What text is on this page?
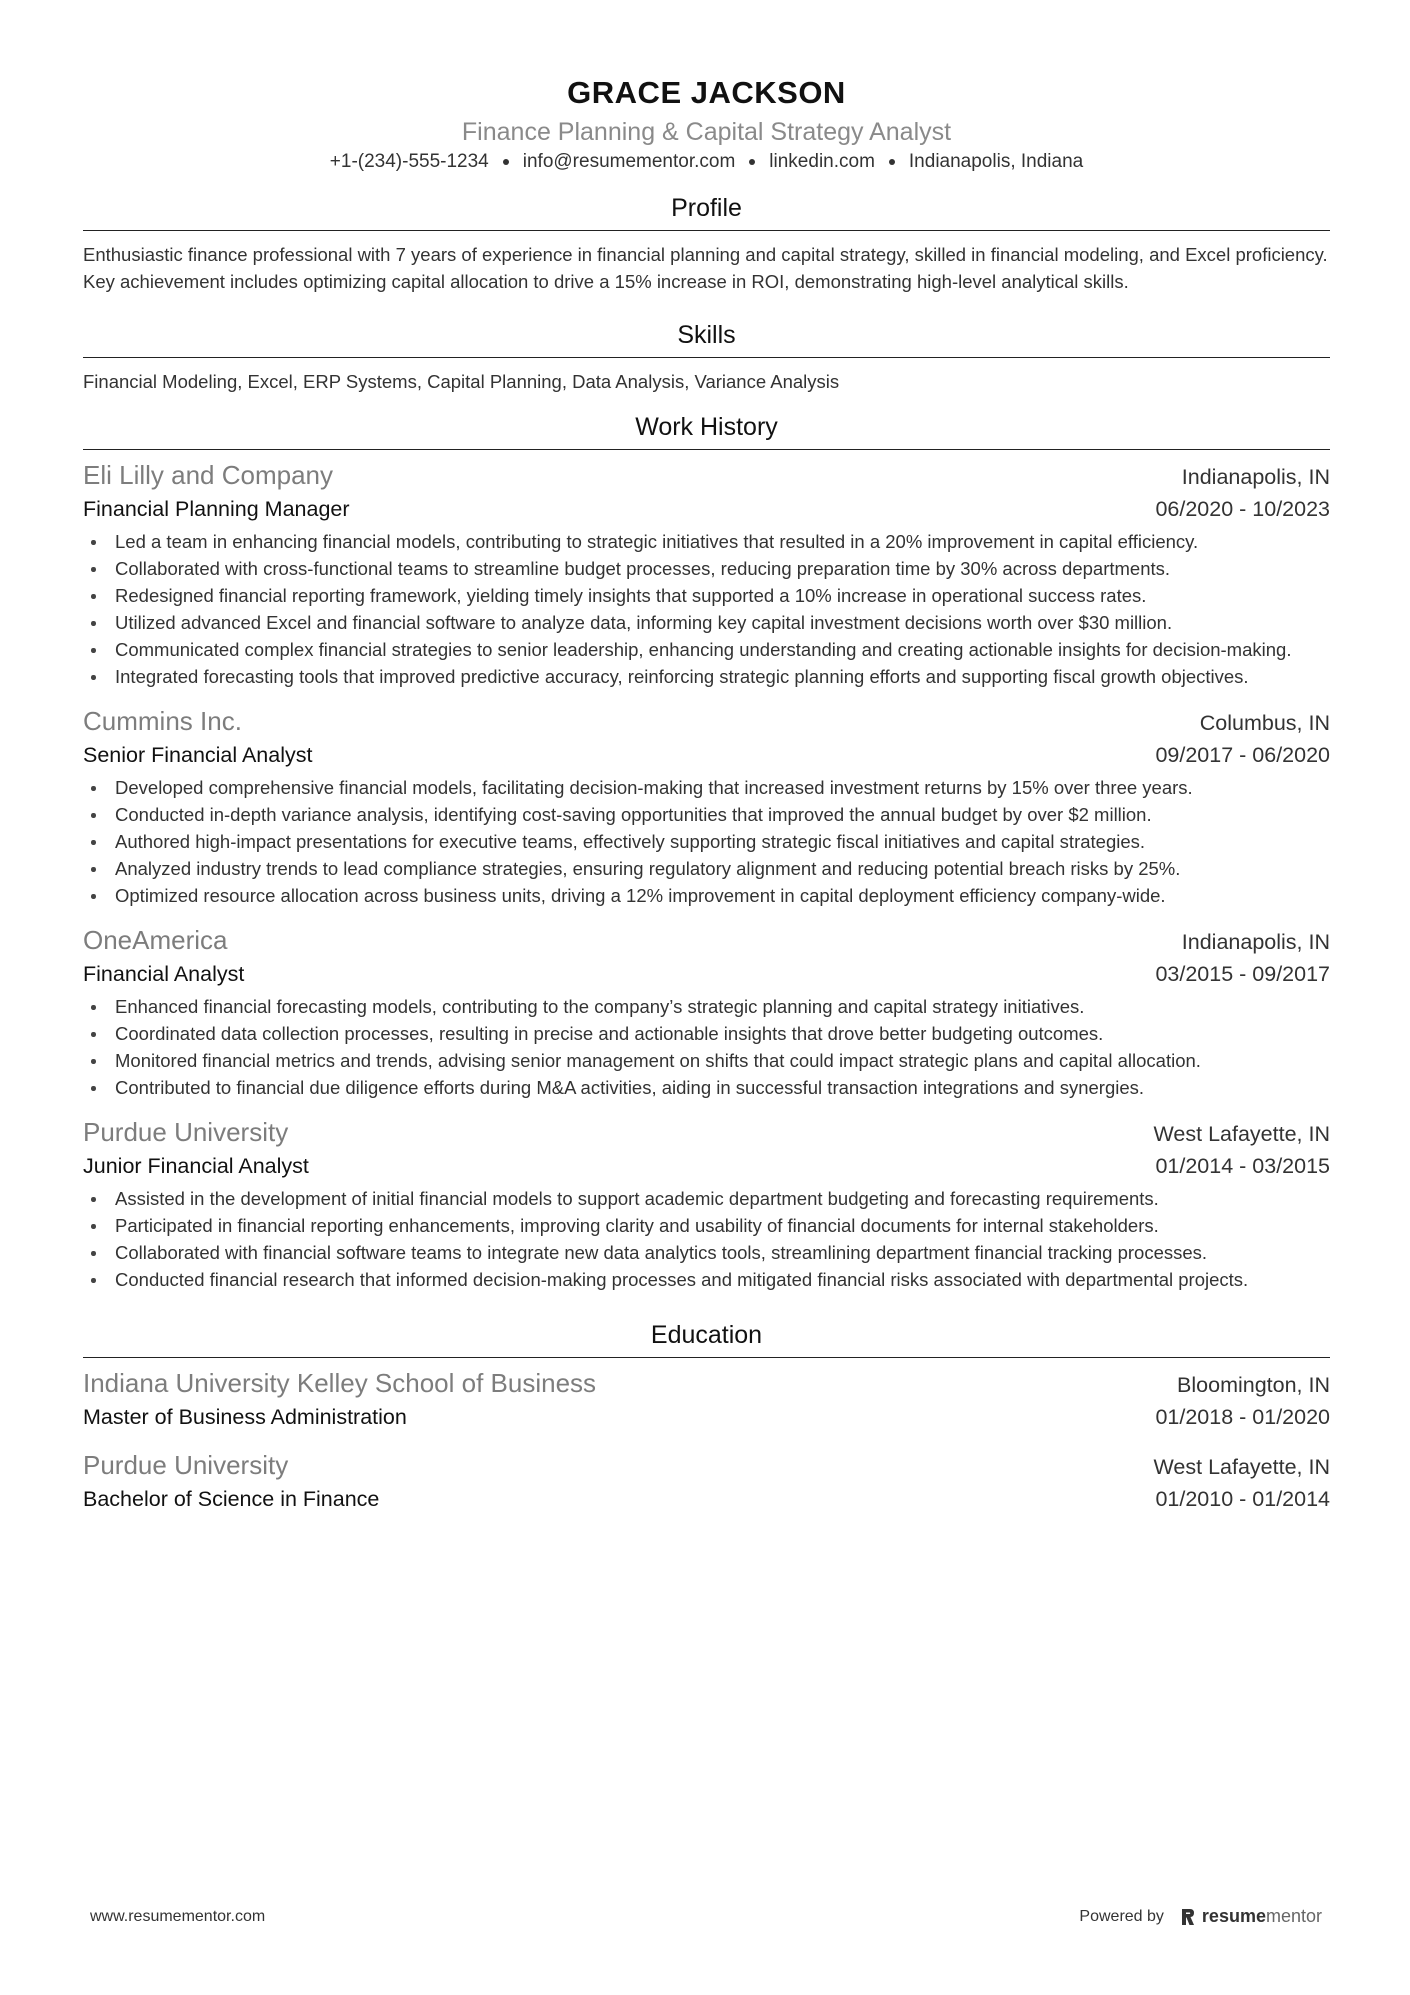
GRACE JACKSON
Finance Planning & Capital Strategy Analyst
+1-(234)-555-1234 info@resumementor.com linkedin.com Indianapolis, Indiana
Profile

Enthusiastic finance professional with 7 years of experience in financial planning and capital strategy, skilled in financial modeling, and Excel proficiency. Key achievement includes optimizing capital allocation to drive a 15% increase in ROI, demonstrating high-level analytical skills.

Skills

Financial Modeling, Excel, ERP Systems, Capital Planning, Data Analysis, Variance Analysis

Work History
Eli Lilly and Company	Indianapolis, IN
Financial Planning Manager	06/2020 - 10/2023
Led a team in enhancing financial models, contributing to strategic initiatives that resulted in a 20% improvement in capital efficiency.
Collaborated with cross-functional teams to streamline budget processes, reducing preparation time by 30% across departments.
Redesigned financial reporting framework, yielding timely insights that supported a 10% increase in operational success rates.
Utilized advanced Excel and financial software to analyze data, informing key capital investment decisions worth over $30 million.
Communicated complex financial strategies to senior leadership, enhancing understanding and creating actionable insights for decision-making.
Integrated forecasting tools that improved predictive accuracy, reinforcing strategic planning efforts and supporting fiscal growth objectives.
Cummins Inc.	Columbus, IN
Senior Financial Analyst	09/2017 - 06/2020
Developed comprehensive financial models, facilitating decision-making that increased investment returns by 15% over three years.
Conducted in-depth variance analysis, identifying cost-saving opportunities that improved the annual budget by over $2 million.
Authored high-impact presentations for executive teams, effectively supporting strategic fiscal initiatives and capital strategies.
Analyzed industry trends to lead compliance strategies, ensuring regulatory alignment and reducing potential breach risks by 25%.
Optimized resource allocation across business units, driving a 12% improvement in capital deployment efficiency company-wide.
OneAmerica	Indianapolis, IN
Financial Analyst	03/2015 - 09/2017
Enhanced financial forecasting models, contributing to the company’s strategic planning and capital strategy initiatives.
Coordinated data collection processes, resulting in precise and actionable insights that drove better budgeting outcomes.
Monitored financial metrics and trends, advising senior management on shifts that could impact strategic plans and capital allocation.
Contributed to financial due diligence efforts during M&A activities, aiding in successful transaction integrations and synergies.
Purdue University	West Lafayette, IN
Junior Financial Analyst	01/2014 - 03/2015
Assisted in the development of initial financial models to support academic department budgeting and forecasting requirements.
Participated in financial reporting enhancements, improving clarity and usability of financial documents for internal stakeholders.
Collaborated with financial software teams to integrate new data analytics tools, streamlining department financial tracking processes.
Conducted financial research that informed decision-making processes and mitigated financial risks associated with departmental projects.
Education
Indiana University Kelley School of Business	Bloomington, IN
Master of Business Administration	01/2018 - 01/2020
Purdue University	West Lafayette, IN
Bachelor of Science in Finance	01/2010 - 01/2014
www.resumementor.com	Powered by resumementor
